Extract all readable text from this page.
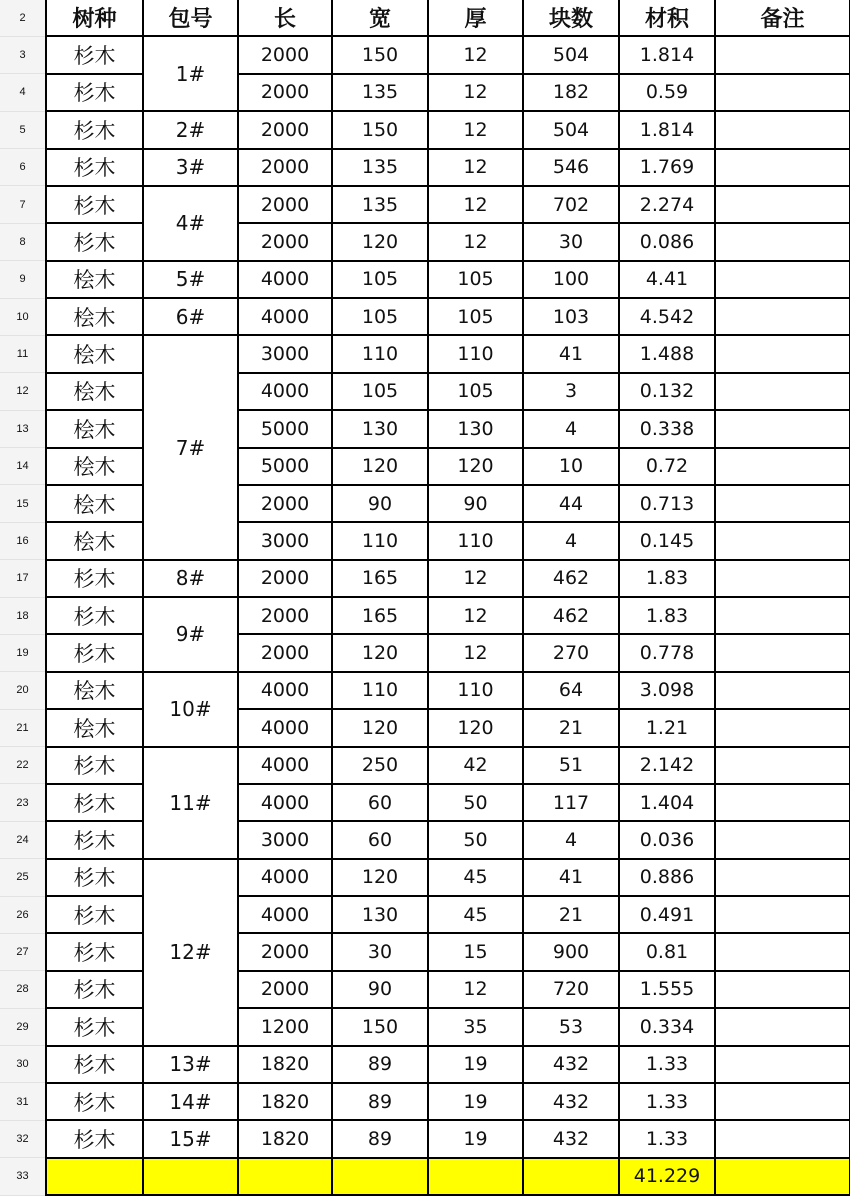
2	树种	包号	长	宽	厚	块数	材积	备注
3	杉木	1#	2000	150	12	504	1.814	
4	杉木		2000	135	12	182	0.59	
5	杉木	2#	2000	150	12	504	1.814	
6	杉木	3#	2000	135	12	546	1.769	
7	杉木	4#	2000	135	12	702	2.274	
8	杉木		2000	120	12	30	0.086	
9	桧木	5#	4000	105	105	100	4.41	
10	桧木	6#	4000	105	105	103	4.542	
11	桧木	7#	3000	110	110	41	1.488	
12	桧木		4000	105	105	3	0.132	
13	桧木		5000	130	130	4	0.338	
14	桧木		5000	120	120	10	0.72	
15	桧木		2000	90	90	44	0.713	
16	桧木		3000	110	110	4	0.145	
17	杉木	8#	2000	165	12	462	1.83	
18	杉木	9#	2000	165	12	462	1.83	
19	杉木		2000	120	12	270	0.778	
20	桧木	10#	4000	110	110	64	3.098	
21	桧木		4000	120	120	21	1.21	
22	杉木	11#	4000	250	42	51	2.142	
23	杉木		4000	60	50	117	1.404	
24	杉木		3000	60	50	4	0.036	
25	杉木	12#	4000	120	45	41	0.886	
26	杉木		4000	130	45	21	0.491	
27	杉木		2000	30	15	900	0.81	
28	杉木		2000	90	12	720	1.555	
29	杉木		1200	150	35	53	0.334	
30	杉木	13#	1820	89	19	432	1.33	
31	杉木	14#	1820	89	19	432	1.33	
32	杉木	15#	1820	89	19	432	1.33	
33							41.229	
